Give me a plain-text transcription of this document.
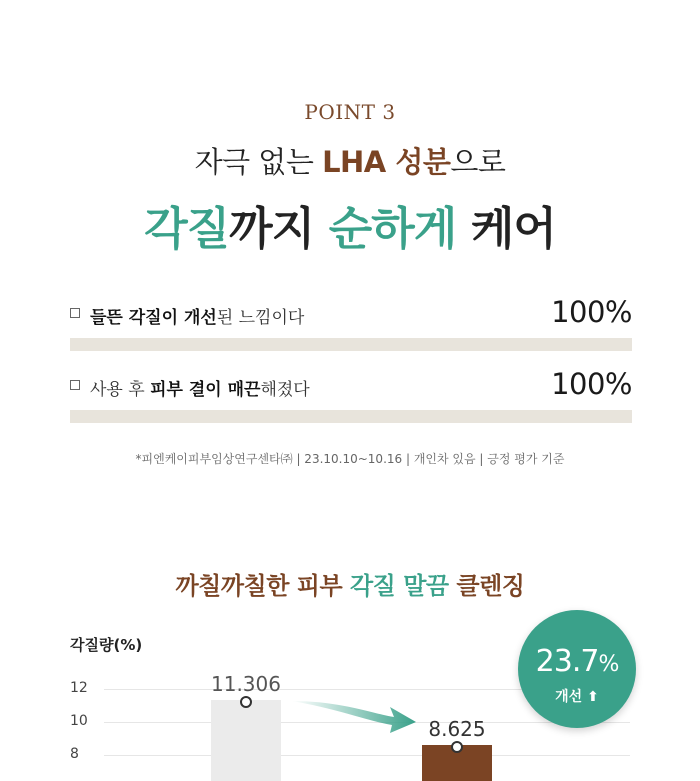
POINT 3
자극 없는 LHA 성분으로
각질까지 순하게 케어
들뜬 각질이 개선된 느낌이다	100%
사용 후 피부 결이 매끈해졌다	100%
*피엔케이피부임상연구센타㈜ | 23.10.10~10.16 | 개인차 있음 | 긍정 평가 기준
까칠까칠한 피부 각질 말끔 클렌징
각질량(%)
12
10
8
11.306
8.625
23.7%
개선 ⬆
